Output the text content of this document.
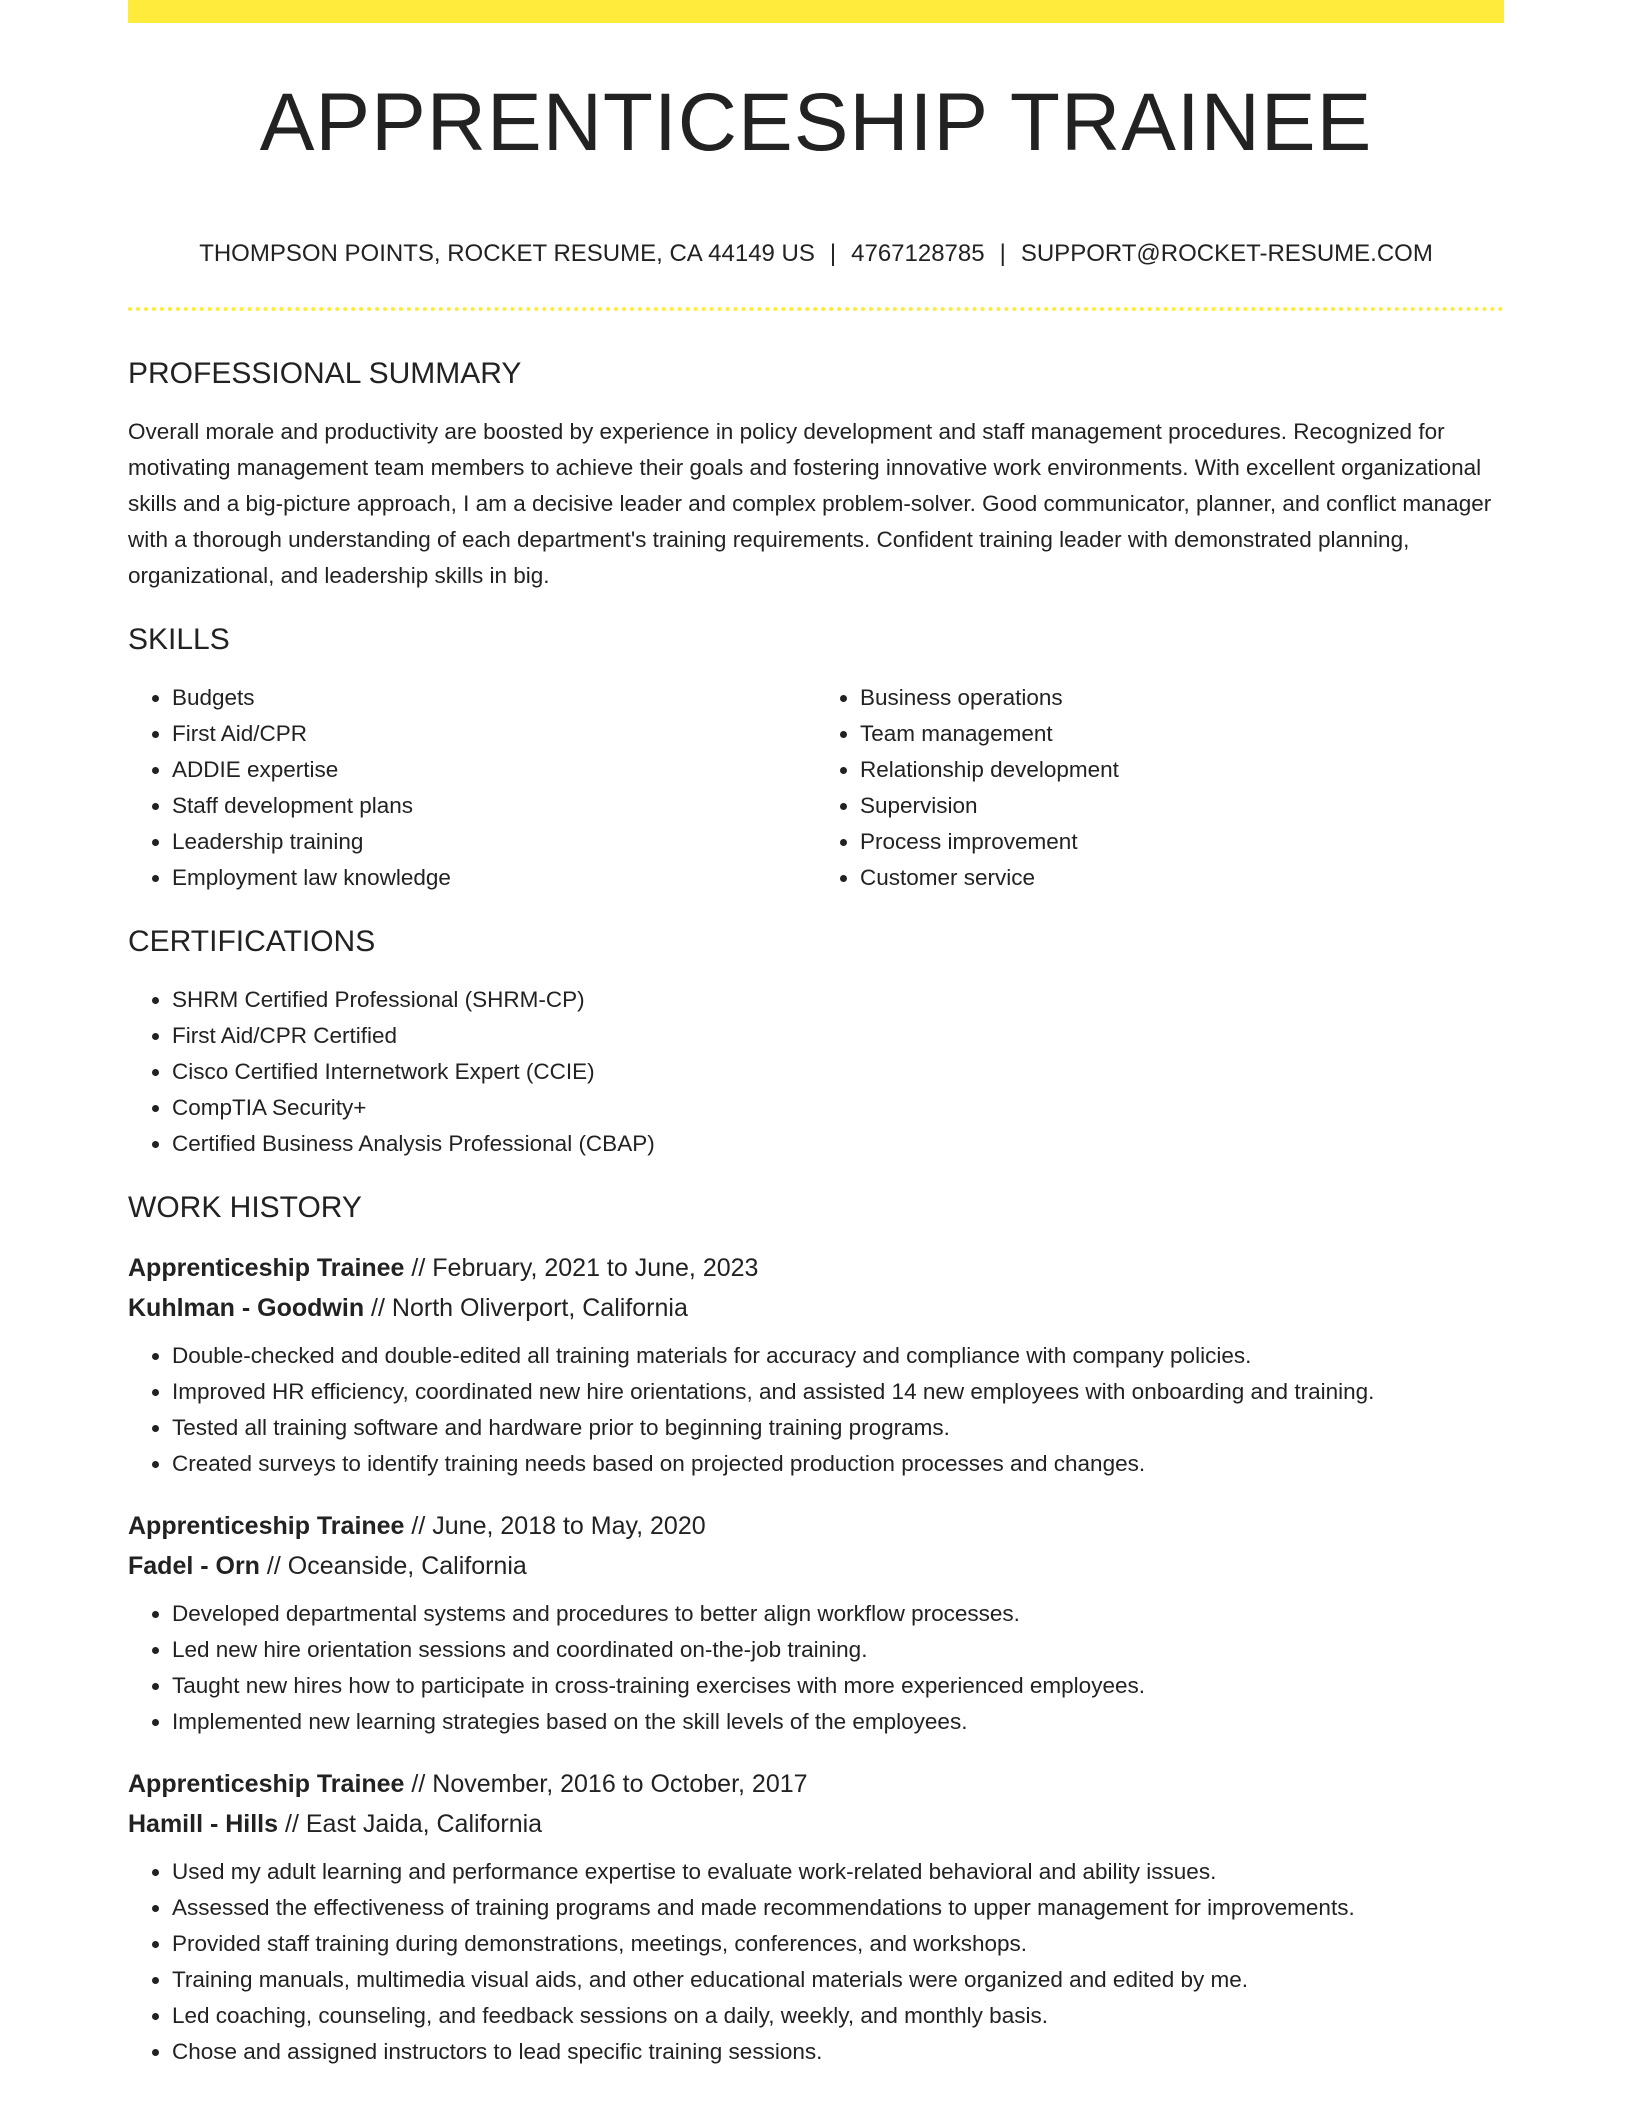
APPRENTICESHIP TRAINEE
THOMPSON POINTS, ROCKET RESUME, CA 44149 US | 4767128785 | SUPPORT@ROCKET-RESUME.COM
PROFESSIONAL SUMMARY

Overall morale and productivity are boosted by experience in policy development and staff management procedures. Recognized for motivating management team members to achieve their goals and fostering innovative work environments. With excellent organizational skills and a big-picture approach, I am a decisive leader and complex problem-solver. Good communicator, planner, and conflict manager with a thorough understanding of each department's training requirements. Confident training leader with demonstrated planning, organizational, and leadership skills in big.

SKILLS
• Budgets
• First Aid/CPR
• ADDIE expertise
• Staff development plans
• Leadership training
• Employment law knowledge
• Business operations
• Team management
• Relationship development
• Supervision
• Process improvement
• Customer service
CERTIFICATIONS
• SHRM Certified Professional (SHRM-CP)
• First Aid/CPR Certified
• Cisco Certified Internetwork Expert (CCIE)
• CompTIA Security+
• Certified Business Analysis Professional (CBAP)
WORK HISTORY
Apprenticeship Trainee // February, 2021 to June, 2023
Kuhlman - Goodwin // North Oliverport, California
• Double-checked and double-edited all training materials for accuracy and compliance with company policies.
• Improved HR efficiency, coordinated new hire orientations, and assisted 14 new employees with onboarding and training.
• Tested all training software and hardware prior to beginning training programs.
• Created surveys to identify training needs based on projected production processes and changes.
Apprenticeship Trainee // June, 2018 to May, 2020
Fadel - Orn // Oceanside, California
• Developed departmental systems and procedures to better align workflow processes.
• Led new hire orientation sessions and coordinated on-the-job training.
• Taught new hires how to participate in cross-training exercises with more experienced employees.
• Implemented new learning strategies based on the skill levels of the employees.
Apprenticeship Trainee // November, 2016 to October, 2017
Hamill - Hills // East Jaida, California
• Used my adult learning and performance expertise to evaluate work-related behavioral and ability issues.
• Assessed the effectiveness of training programs and made recommendations to upper management for improvements.
• Provided staff training during demonstrations, meetings, conferences, and workshops.
• Training manuals, multimedia visual aids, and other educational materials were organized and edited by me.
• Led coaching, counseling, and feedback sessions on a daily, weekly, and monthly basis.
• Chose and assigned instructors to lead specific training sessions.
